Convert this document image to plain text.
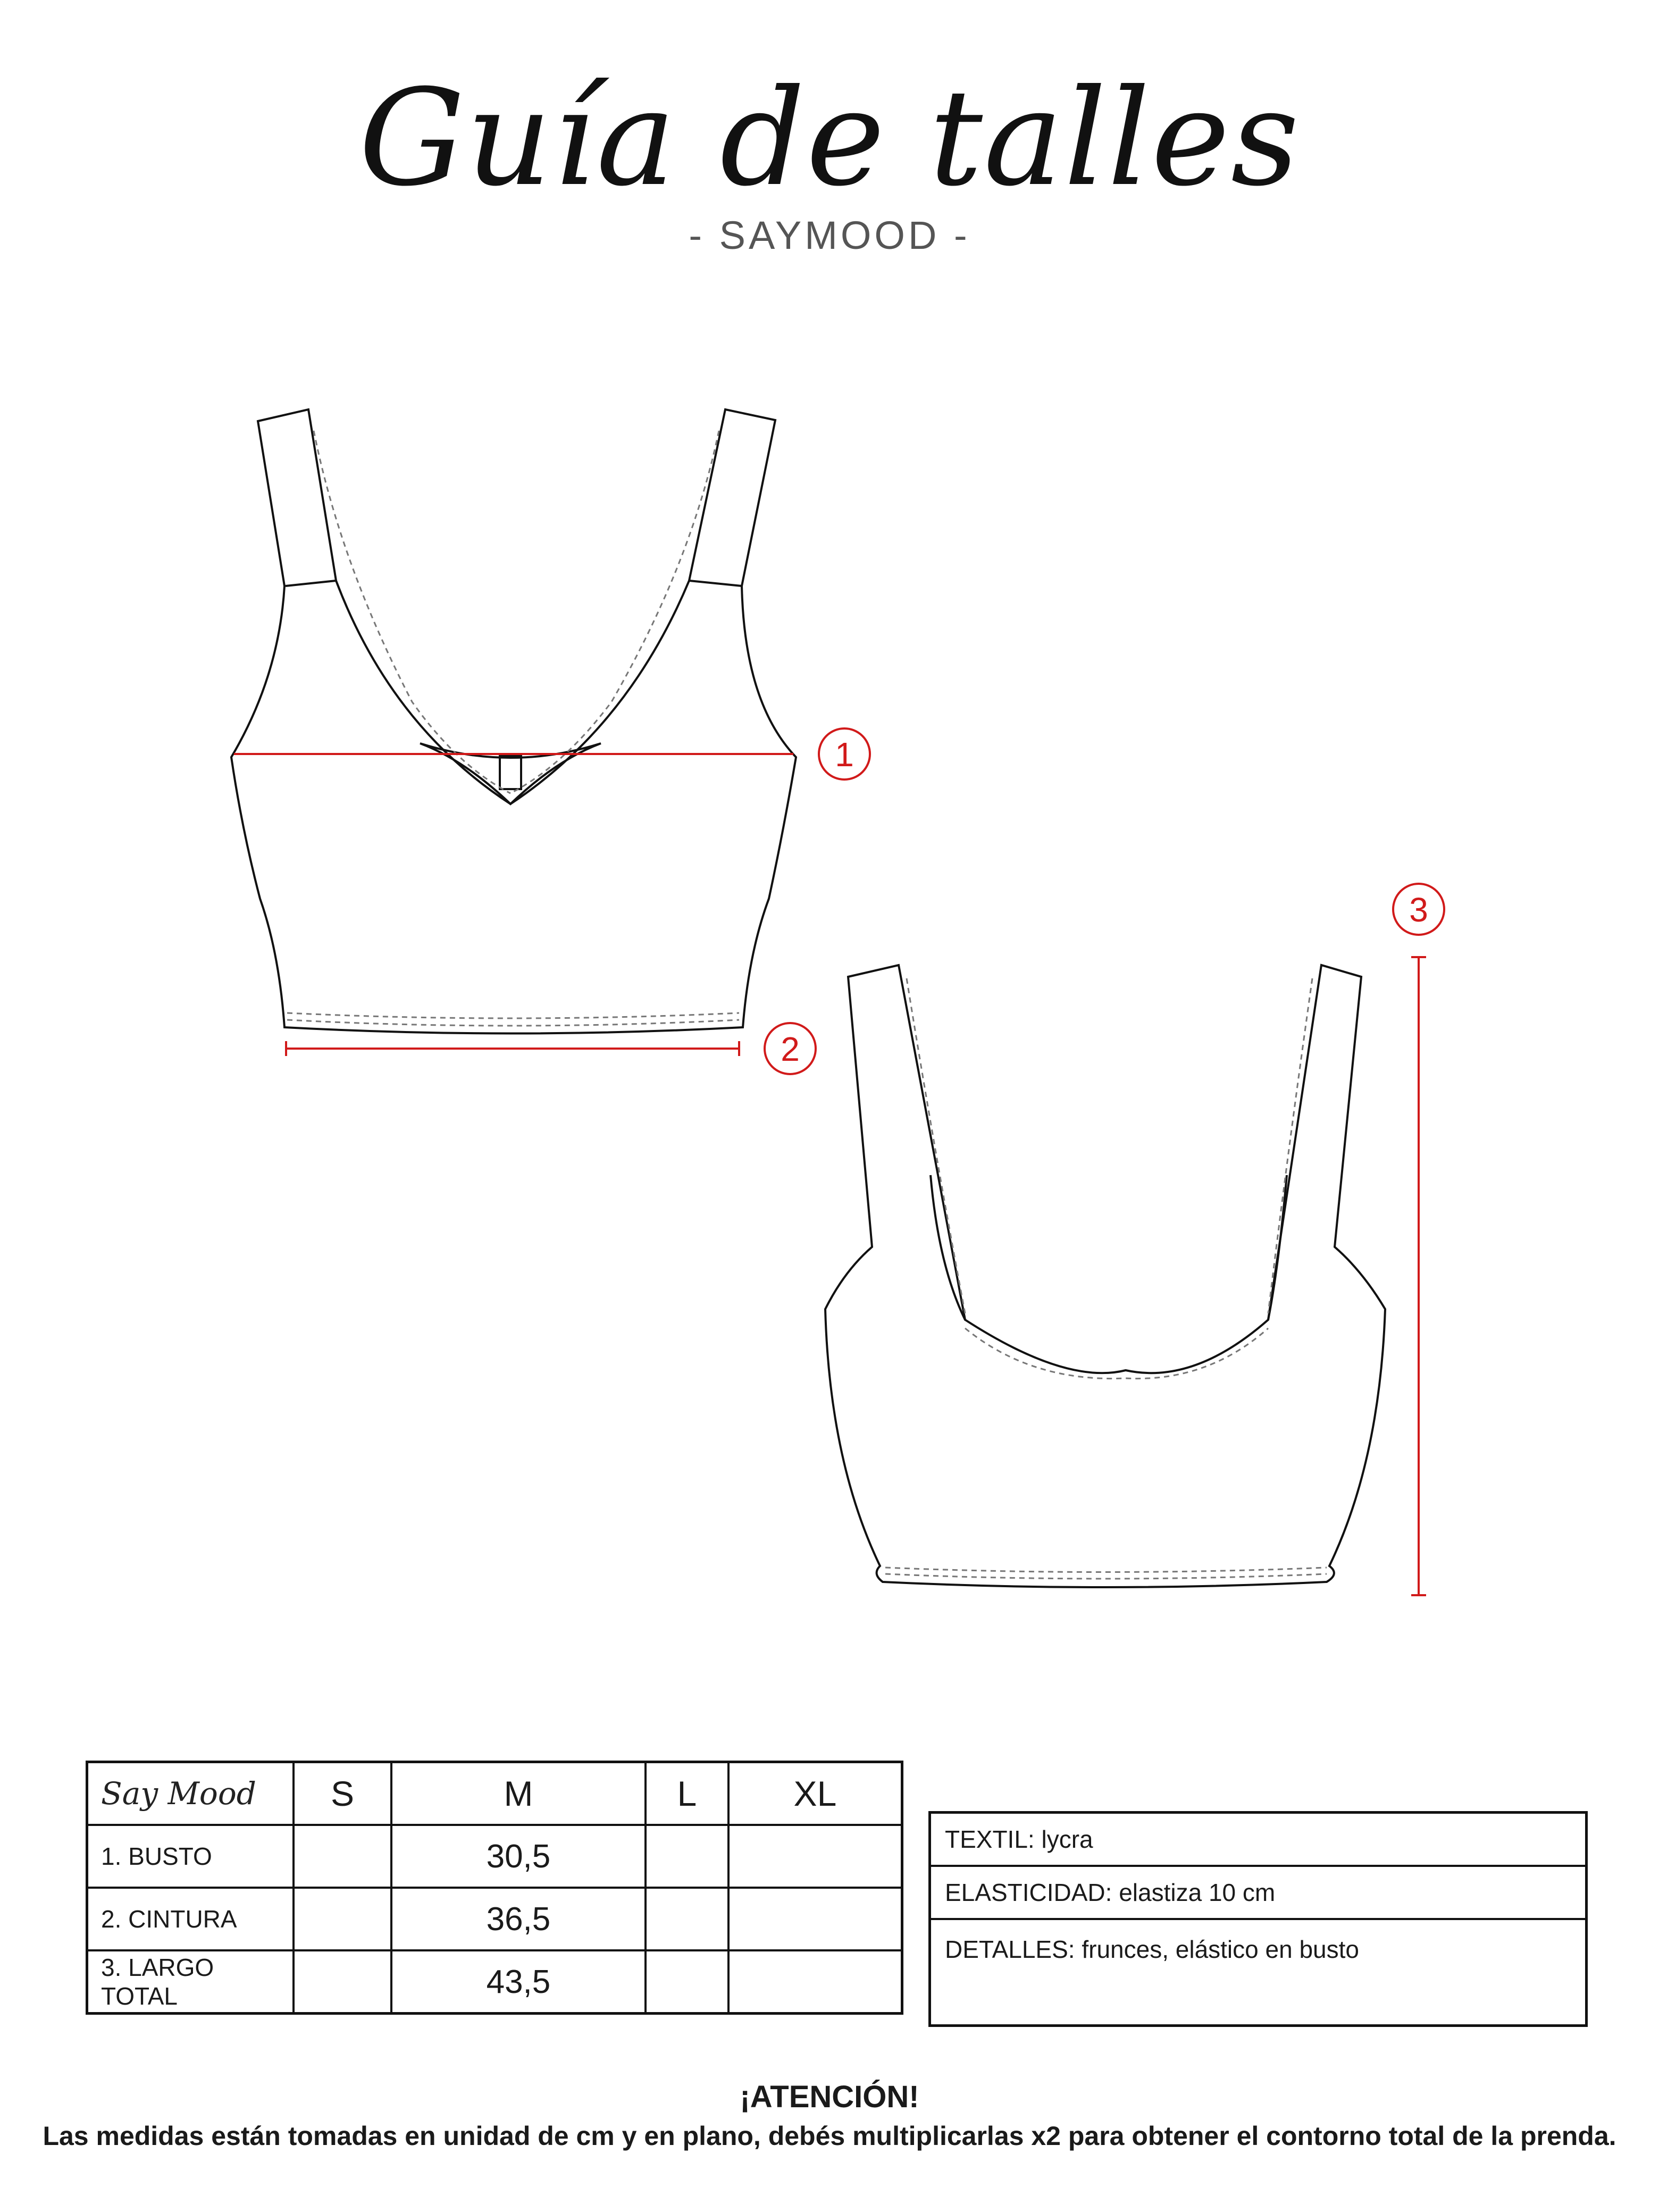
Guía de talles
- SAYMOOD -
1
2
3
Say Mood	S	M	L	XL
1. BUSTO		30,5		
2. CINTURA		36,5		
3. LARGO TOTAL		43,5		
TEXTIL: lycra
ELASTICIDAD: elastiza 10 cm
DETALLES: frunces, elástico en busto
¡ATENCIÓN!
Las medidas están tomadas en unidad de cm y en plano, debés multiplicarlas x2 para obtener el contorno total de la prenda.
